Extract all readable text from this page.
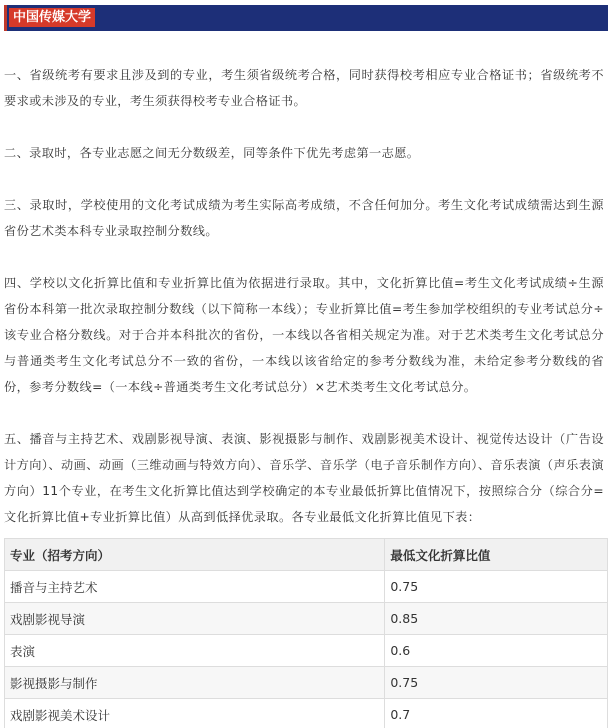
中国传媒大学

一、省级统考有要求且涉及到的专业，考生须省级统考合格，同时获得校考相应专业合格证书；省级统考不要求或未涉及的专业，考生须获得校考专业合格证书。

二、录取时，各专业志愿之间无分数级差，同等条件下优先考虑第一志愿。

三、录取时，学校使用的文化考试成绩为考生实际高考成绩，不含任何加分。考生文化考试成绩需达到生源省份艺术类本科专业录取控制分数线。

四、学校以文化折算比值和专业折算比值为依据进行录取。其中，文化折算比值=考生文化考试成绩÷生源省份本科第一批次录取控制分数线（以下简称一本线）；专业折算比值=考生参加学校组织的专业考试总分÷该专业合格分数线。对于合并本科批次的省份，一本线以各省相关规定为准。对于艺术类考生文化考试总分与普通类考生文化考试总分不一致的省份，一本线以该省给定的参考分数线为准，未给定参考分数线的省份，参考分数线=（一本线÷普通类考生文化考试总分）×艺术类考生文化考试总分。

五、播音与主持艺术、戏剧影视导演、表演、影视摄影与制作、戏剧影视美术设计、视觉传达设计（广告设计方向）、动画、动画（三维动画与特效方向）、音乐学、音乐学（电子音乐制作方向）、音乐表演（声乐表演方向）11个专业，在考生文化折算比值达到学校确定的本专业最低折算比值情况下，按照综合分（综合分=文化折算比值+专业折算比值）从高到低择优录取。各专业最低文化折算比值见下表：

专业（招考方向）	最低文化折算比值
播音与主持艺术	0.75
戏剧影视导演	0.85
表演	0.6
影视摄影与制作	0.75
戏剧影视美术设计	0.7
